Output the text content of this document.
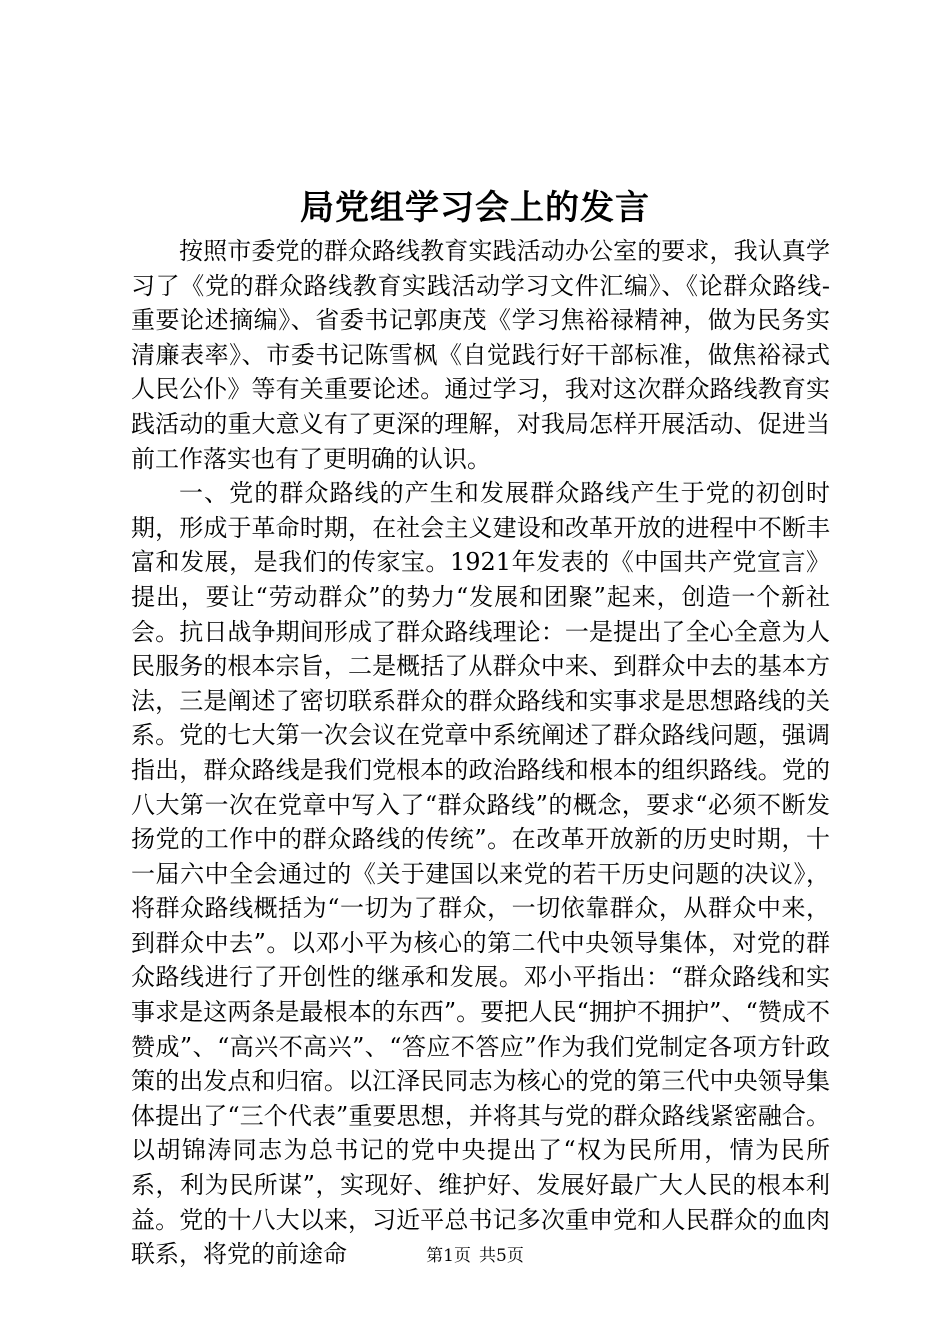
局党组学习会上的发言

按照市委党的群众路线教育实践活动办公室的要求，我认真学习了《党的群众路线教育实践活动学习文件汇编》、《论群众路线-重要论述摘编》、省委书记郭庚茂《学习焦裕禄精神，做为民务实清廉表率》、市委书记陈雪枫《自觉践行好干部标准，做焦裕禄式人民公仆》等有关重要论述。通过学习，我对这次群众路线教育实践活动的重大意义有了更深的理解，对我局怎样开展活动、促进当前工作落实也有了更明确的认识。

一、党的群众路线的产生和发展群众路线产生于党的初创时期，形成于革命时期，在社会主义建设和改革开放的进程中不断丰富和发展，是我们的传家宝。1921年发表的《中国共产党宣言》提出，要让“劳动群众”的势力“发展和团聚”起来，创造一个新社会。抗日战争期间形成了群众路线理论：一是提出了全心全意为人民服务的根本宗旨，二是概括了从群众中来、到群众中去的基本方法，三是阐述了密切联系群众的群众路线和实事求是思想路线的关系。党的七大第一次会议在党章中系统阐述了群众路线问题，强调指出，群众路线是我们党根本的政治路线和根本的组织路线。党的八大第一次在党章中写入了“群众路线”的概念，要求“必须不断发扬党的工作中的群众路线的传统”。在改革开放新的历史时期，十一届六中全会通过的《关于建国以来党的若干历史问题的决议》，将群众路线概括为“一切为了群众，一切依靠群众，从群众中来，到群众中去”。以邓小平为核心的第二代中央领导集体，对党的群众路线进行了开创性的继承和发展。邓小平指出：“群众路线和实事求是这两条是最根本的东西”。要把人民“拥护不拥护”、“赞成不赞成”、“高兴不高兴”、“答应不答应”作为我们党制定各项方针政策的出发点和归宿。以江泽民同志为核心的党的第三代中央领导集体提出了“三个代表”重要思想，并将其与党的群众路线紧密融合。以胡锦涛同志为总书记的党中央提出了“权为民所用，情为民所系，利为民所谋”，实现好、维护好、发展好最广大人民的根本利益。党的十八大以来，习近平总书记多次重申党和人民群众的血肉联系，将党的前途命	第1页 共5页
